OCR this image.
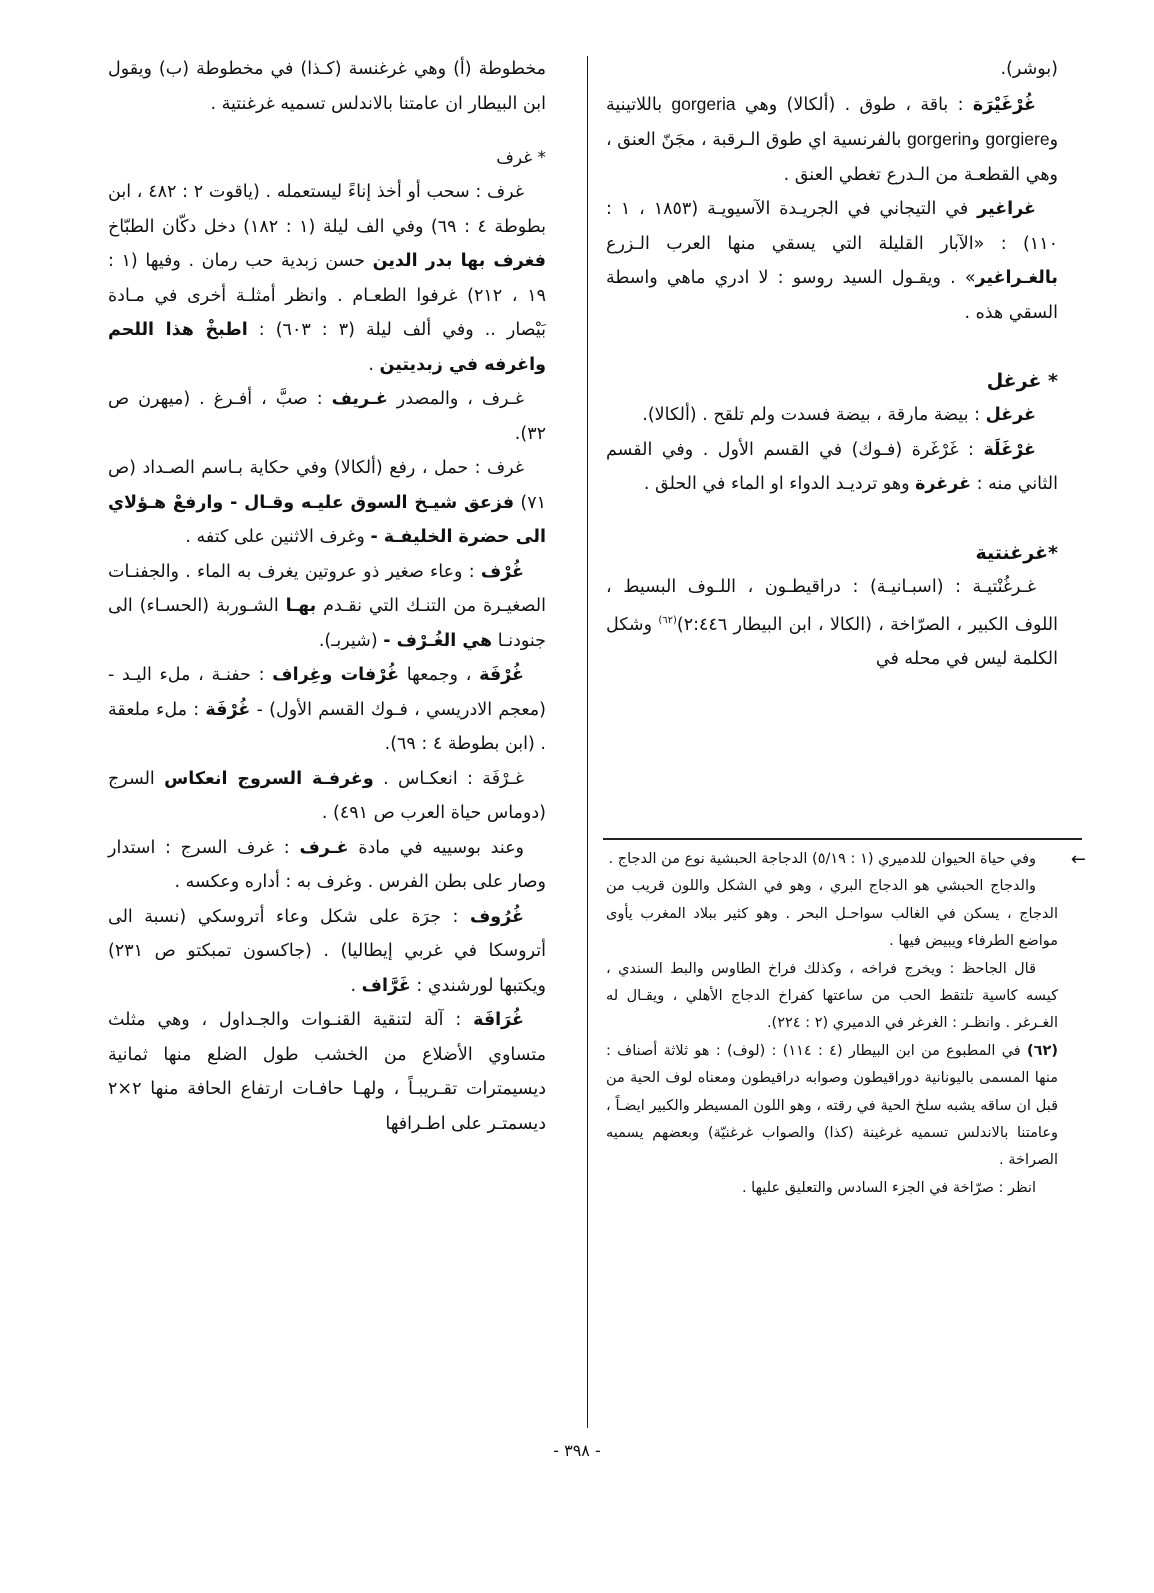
(بوشر).

غُرْغَيْرَة : باقة ، طوق . (ألكالا) وهي gorgeria باللاتينية وgorgiere وgorgerin بالفرنسية اي طوق الـرقبة ، مجَنّ العنق ، وهي القطعـة من الـدرع تغطي العنق .

غراغير في التيجاني في الجريـدة الآسيويـة (١٨٥٣ ، ١ : ١١٠) : «الآبار القليلة التي يسقي منها العرب الـزرع بالغـراغير» . ويقـول السيد روسو : لا ادري ماهي واسطة السقي هذه .

* غرغل

غرغل : بيضة مارقة ، بيضة فسدت ولم تلقح . (ألكالا).

غرْغَلَة : غَرْغَرة (فـوك) في القسم الأول . وفي القسم الثاني منه : غرغرة وهو ترديـد الدواء او الماء في الحلق .

*غرغنتية

غـرغُنْتيـة : (اسبـانيـة) : دراقيطـون ، اللـوف البسيط ، اللوف الكبير ، الصرّاخة ، (الكالا ، ابن البيطار ٢:٤٤٦)$^{(٦٢)}$ وشكل الكلمة ليس في محله في

←

وفي حياة الحيوان للدميري (١ : ٥/١٩) الدجاجة الحبشية نوع من الدجاج .

والدجاج الحبشي هو الدجاج البري ، وهو في الشكل واللون قريب من الدجاج ، يسكن في الغالب سواحـل البحر . وهو كثير ببلاد المغرب يأوى مواضع الطرفاء ويبيض فيها .

قال الجاحظ : ويخرج فراخه ، وكذلك فراخ الطاوس والبط السندي ، كيسه كاسية تلتقط الحب من ساعتها كفراخ الدجاج الأهلي ، ويقـال له الغـرغر . وانظـر : الغرغر في الدميري (٢ : ٢٢٤).

(٦٢) في المطبوع من ابن البيطار (٤ : ١١٤) : (لوف) : هو ثلاثة أصناف : منها المسمى باليونانية دوراقيطون وصوابه دراقيطون ومعناه لوف الحية من قبل ان ساقه يشبه سلخ الحية في رقته ، وهو اللون المسيطر والكبير ايضـاً ، وعامتنا بالاندلس تسميه غرغينة (كذا) والصواب غرغنيّة) وبعضهم يسميه الصراخة .

انظر : صرّاخة في الجزء السادس والتعليق عليها .

مخطوطة (أ) وهي غرغنسة (كـذا) في مخطوطة (ب) ويقول ابن البيطار ان عامتنا بالاندلس تسميه غرغنتية .

* غرف

غرف : سحب أو أخذ إناءً ليستعمله . (ياقوت ٢ : ٤٨٢ ، ابن بطوطة ٤ : ٦٩) وفي الف ليلة (١ : ١٨٢) دخل دكّان الطبّاخ فغرف بها بدر الدين حسن زبدية حب رمان . وفيها (١ : ١٩ ، ٢١٢) غرفوا الطعـام . وانظر أمثلـة أخرى في مـادة بَيْصار .. وفي ألف ليلة (٣ : ٦٠٣) : اطبخْ هذا اللحم واغرفه في زبديتين .

غـرف ، والمصدر غـريف : صبَّ ، أفـرغ . (ميهرن ص ٣٢).

غرف : حمل ، رفع (ألكالا) وفي حكاية بـاسم الصـداد (ص ٧١) فزعق شيـخ السوق عليـه وقـال - وارفعْ هـؤلاي الى حضرة الخليفـة - وغرف الاثنين على كتفه .

غُرْف : وعاء صغير ذو عروتين يغرف به الماء . والجفنـات الصغيـرة من التنـك التي نقـدم بهـا الشـوربة (الحسـاء) الى جنودنـا هي الغُـرْف - (شيربـ).

غُرْفَة ، وجمعها غُرْفات وغِراف : حفنـة ، ملء اليـد - (معجم الادريسي ، فـوك القسم الأول) - غُرْفَة : ملء ملعقة . (ابن بطوطة ٤ : ٦٩).

غـرْفَة : انعكـاس . وغرفـة السروج انعكاس السرج (دوماس حياة العرب ص ٤٩١) .

وعند بوسييه في مادة غـرف : غرف السرج : استدار وصار على بطن الفرس . وغرف به : أداره وعكسه .

غُرُوف : جرَة على شكل وعاء أتروسكي (نسبة الى أتروسكا في غربي إيطاليا) . (جاكسون تمبكتو ص ٢٣١) ويكتبها لورشندي : غَرَّاف .

غُرَافَة : آلة لتنقية القنـوات والجـداول ، وهي مثلث متساوي الأضلاع من الخشب طول الضلع منها ثمانية ديسيمترات تقـريبـاً ، ولهـا حافـات ارتفاع الحافة منها ٢×٢ ديسمتـر على اطـرافها

- ٣٩٨ -
